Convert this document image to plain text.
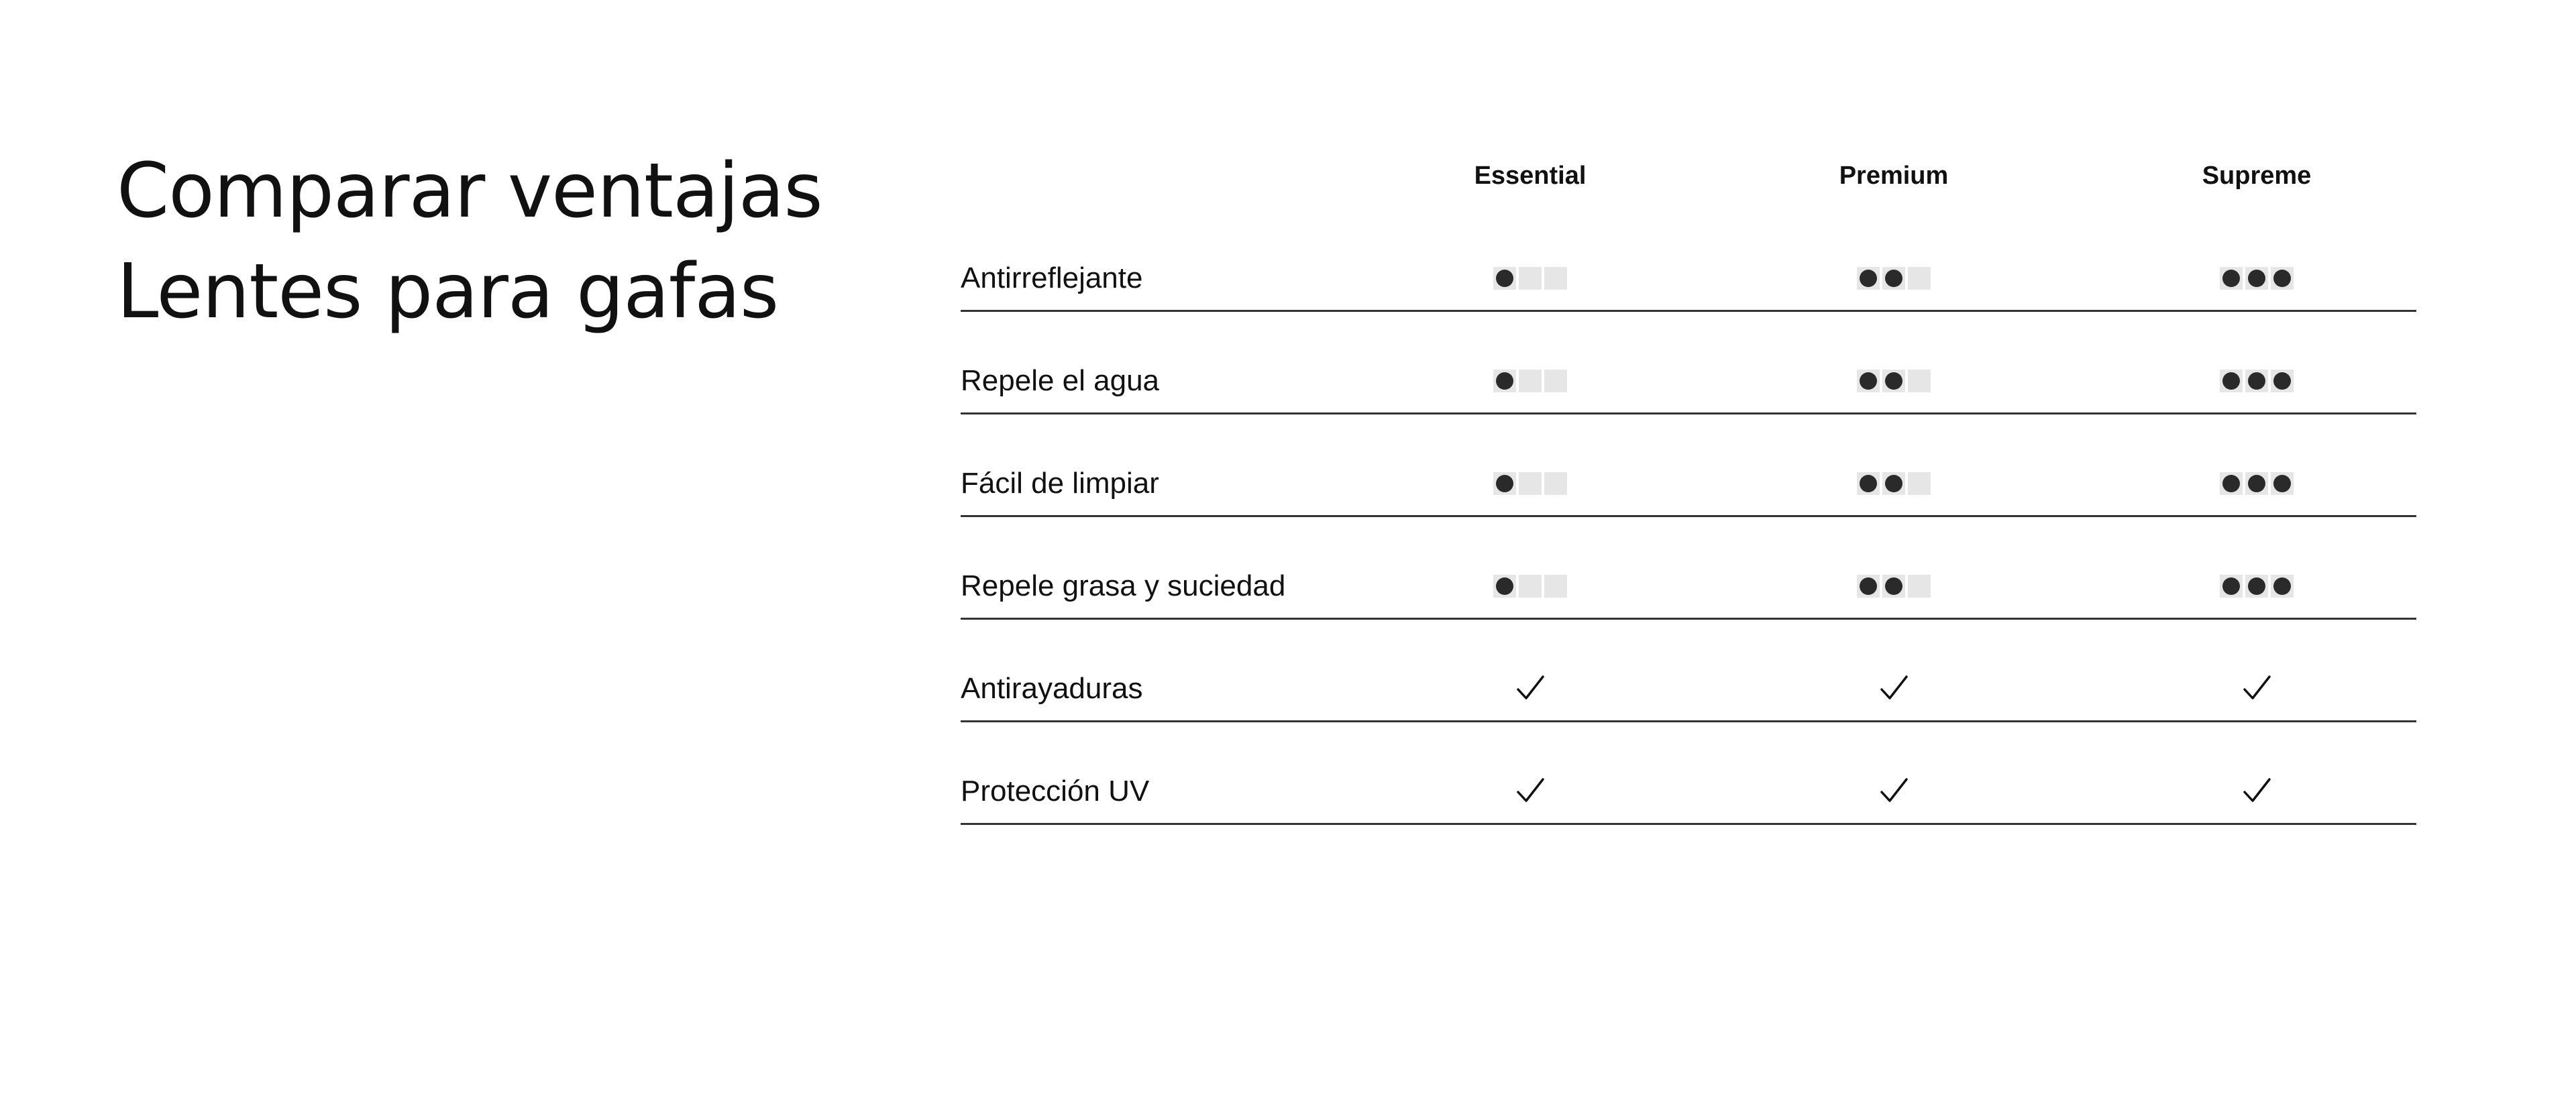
Comparar ventajas
Lentes para gafas
Essential	Premium	Supreme
Antirreflejante
Repele el agua
Fácil de limpiar
Repele grasa y suciedad
Antirayaduras
Protección UV
